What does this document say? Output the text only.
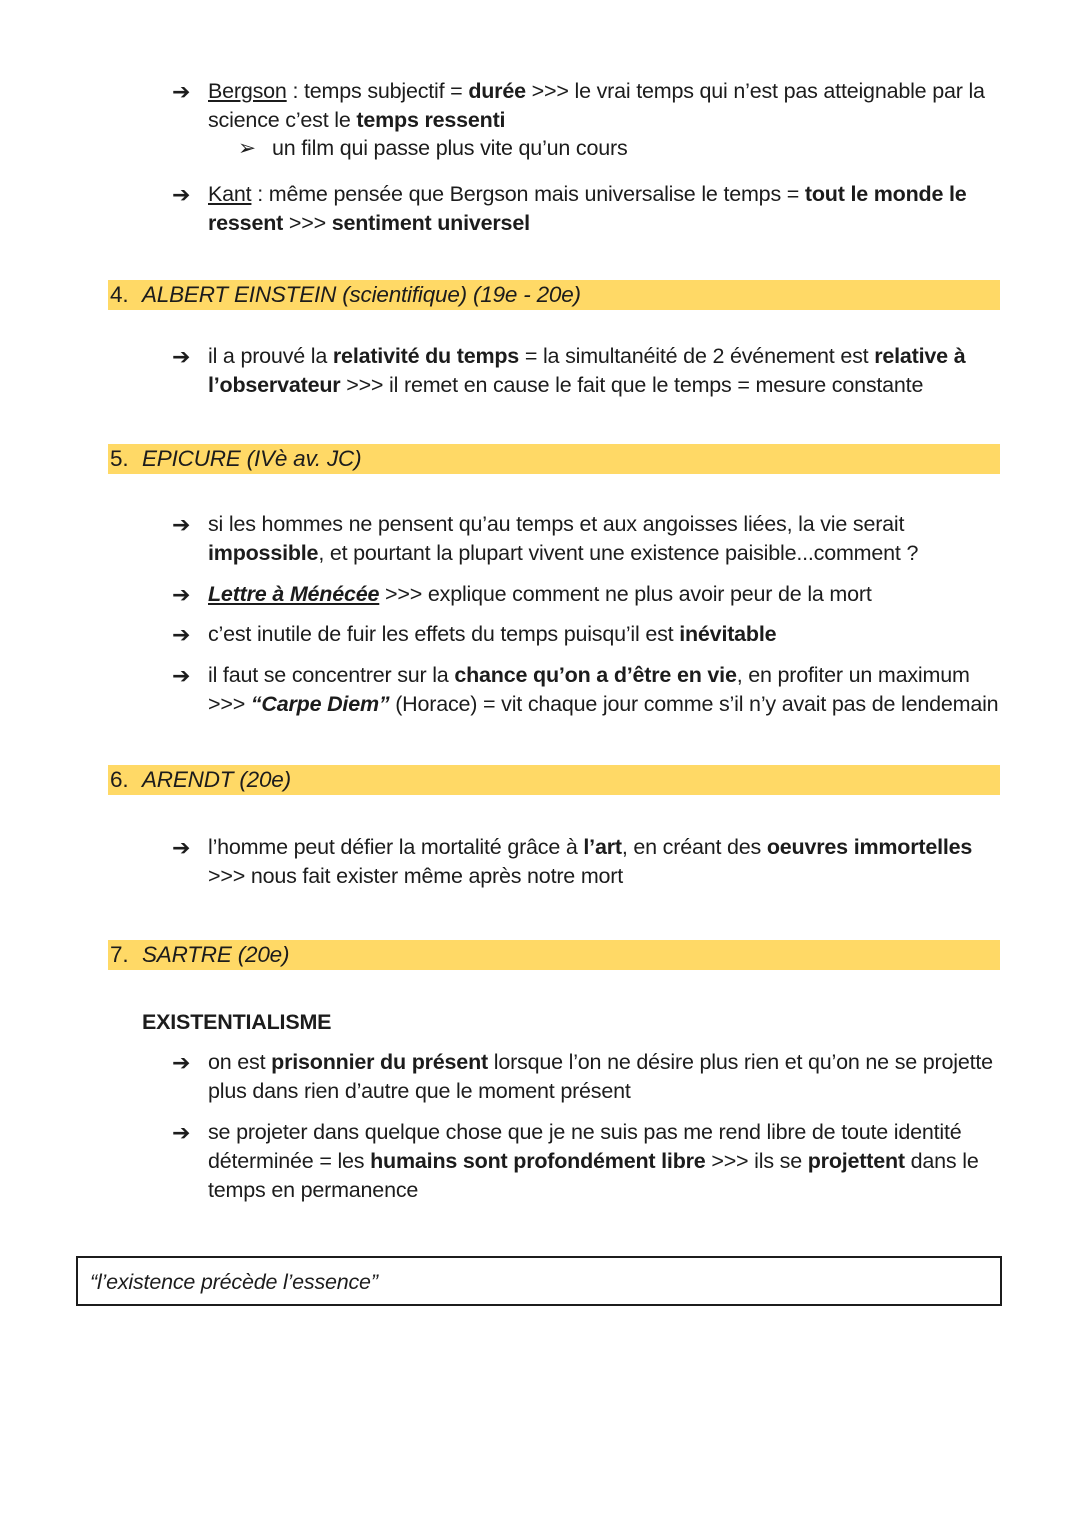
➔ Bergson : temps subjectif = durée >>> le vrai temps qui n’est pas atteignable par la science c’est le temps ressenti
➢ un film qui passe plus vite qu’un cours
➔ Kant : même pensée que Bergson mais universalise le temps = tout le monde le ressent >>> sentiment universel
4. ALBERT EINSTEIN (scientifique) (19e - 20e)
➔ il a prouvé la relativité du temps = la simultanéité de 2 événement est relative à l’observateur >>> il remet en cause le fait que le temps = mesure constante
5. EPICURE (IVè av. JC)
➔ si les hommes ne pensent qu’au temps et aux angoisses liées, la vie serait impossible, et pourtant la plupart vivent une existence paisible...comment ?
➔ Lettre à Ménécée >>> explique comment ne plus avoir peur de la mort
➔ c’est inutile de fuir les effets du temps puisqu’il est inévitable
➔ il faut se concentrer sur la chance qu’on a d’être en vie, en profiter un maximum >>> “Carpe Diem” (Horace) = vit chaque jour comme s’il n’y avait pas de lendemain
6. ARENDT (20e)
➔ l’homme peut défier la mortalité grâce à l’art, en créant des oeuvres immortelles >>> nous fait exister même après notre mort
7. SARTRE (20e)
EXISTENTIALISME
➔ on est prisonnier du présent lorsque l’on ne désire plus rien et qu’on ne se projette plus dans rien d’autre que le moment présent
➔ se projeter dans quelque chose que je ne suis pas me rend libre de toute identité déterminée = les humains sont profondément libre >>> ils se projettent dans le temps en permanence
“l’existence précède l’essence”
